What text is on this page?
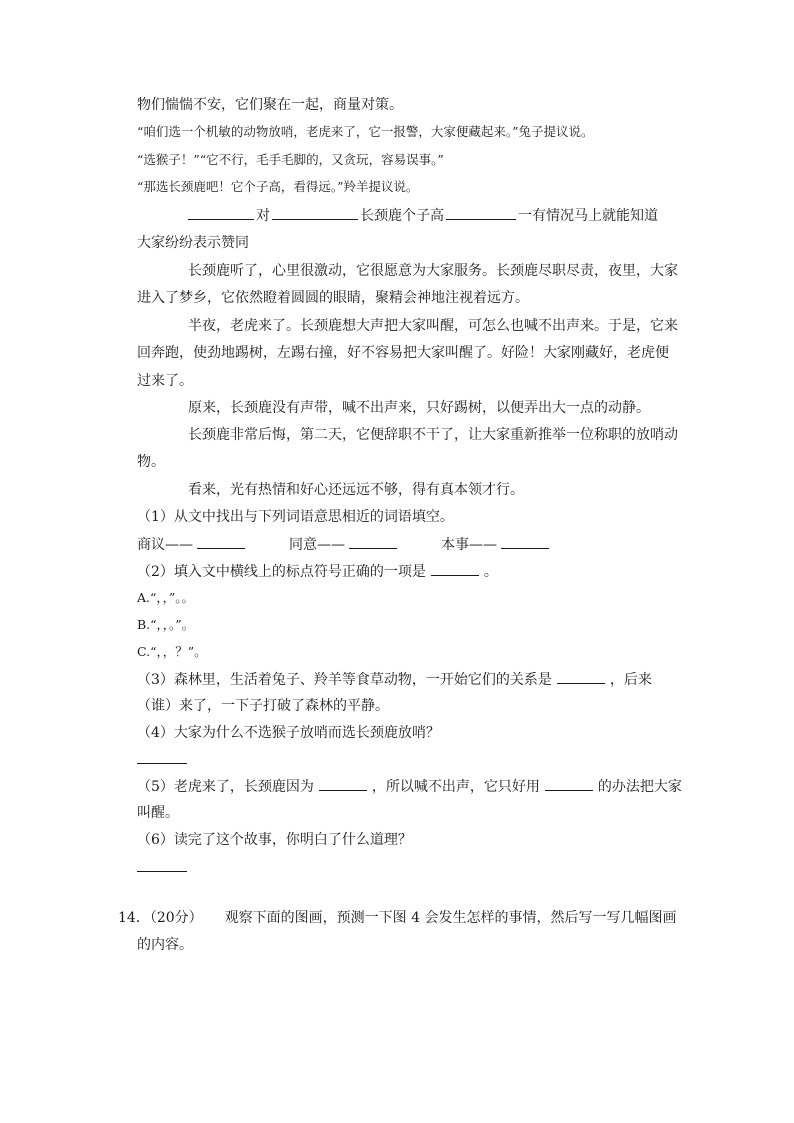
物们惴惴不安，它们聚在一起，商量对策。
“咱们选一个机敏的动物放哨，老虎来了，它一报警，大家便藏起来。”兔子提议说。
“选猴子！”“它不行，毛手毛脚的，又贪玩，容易误事。”
“那选长颈鹿吧！它个子高，看得远。”羚羊提议说。
对	长颈鹿个子高	一有情况马上就能知道
大家纷纷表示赞同
长颈鹿听了，心里很激动，它很愿意为大家服务。长颈鹿尽职尽责，夜里，大家
进入了梦乡，它依然瞪着圆圆的眼睛，聚精会神地注视着远方。
半夜，老虎来了。长颈鹿想大声把大家叫醒，可怎么也喊不出声来。于是，它来
回奔跑，使劲地踢树，左踢右撞，好不容易把大家叫醒了。好险！大家刚藏好，老虎便
过来了。
原来，长颈鹿没有声带，喊不出声来，只好踢树，以便弄出大一点的动静。
长颈鹿非常后悔，第二天，它便辞职不干了，让大家重新推举一位称职的放哨动
物。
看来，光有热情和好心还远远不够，得有真本领才行。
（1）从文中找出与下列词语意思相近的词语填空。
商议——	同意——	本事——
（2）填入文中横线上的标点符号正确的一项是	。
A.“，，”。。
B.“，，。”。
C.“，，？”。
（3）森林里，生活着兔子、羚羊等食草动物，一开始它们的关系是	，后来
（谁）来了，一下子打破了森林的平静。
（4）大家为什么不选猴子放哨而选长颈鹿放哨？
（5）老虎来了，长颈鹿因为	，所以喊不出声，它只好用	的办法把大家
叫醒。
（6）读完了这个故事，你明白了什么道理？
14．（20分） 观察下面的图画，预测一下图 4 会发生怎样的事情，然后写一写几幅图画
的内容。
